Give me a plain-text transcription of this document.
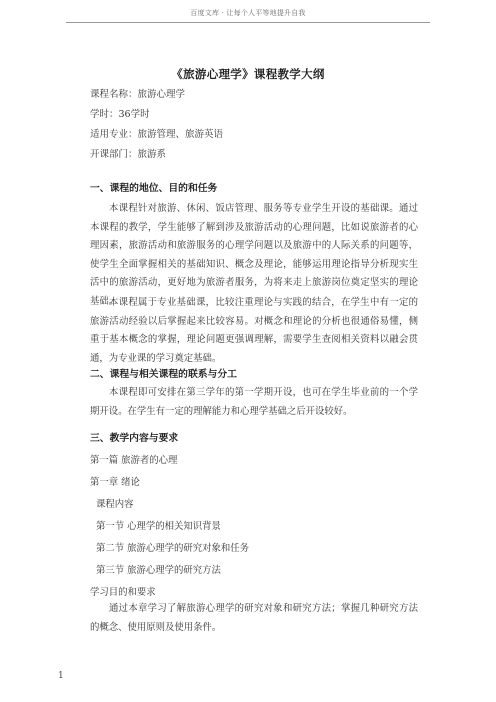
百度文库 · 让每个人平等地提升自我
《旅游心理学》课程教学大纲
课程名称：旅游心理学
学时：36学时
适用专业：旅游管理、旅游英语
开课部门：旅游系
一、课程的地位、目的和任务

本课程针对旅游、休闲、饭店管理、服务等专业学生开设的基础课。通过本课程的教学，学生能够了解到涉及旅游活动的心理问题，比如说旅游者的心理因素，旅游活动和旅游服务的心理学问题以及旅游中的人际关系的问题等，使学生全面掌握相关的基础知识、概念及理论，能够运用理论指导分析现实生活中的旅游活动，更好地为旅游者服务，为将来走上旅游岗位奠定坚实的理论基础。

本课程属于专业基础课，比较注重理论与实践的结合，在学生中有一定的旅游活动经验以后掌握起来比较容易。对概念和理论的分析也很通俗易懂，侧重于基本概念的掌握，理论问题更强调理解，需要学生查阅相关资料以融会贯通，为专业课的学习奠定基础。

二、课程与相关课程的联系与分工

本课程即可安排在第三学年的第一学期开设，也可在学生毕业前的一个学期开设。在学生有一定的理解能力和心理学基础之后开设较好。

三、教学内容与要求
第一篇 旅游者的心理
第一章 绪论
课程内容
第一节 心理学的相关知识背景
第二节 旅游心理学的研究对象和任务
第三节 旅游心理学的研究方法
学习目的和要求

通过本章学习了解旅游心理学的研究对象和研究方法；掌握几种研究方法的概念、使用原则及使用条件。

1
